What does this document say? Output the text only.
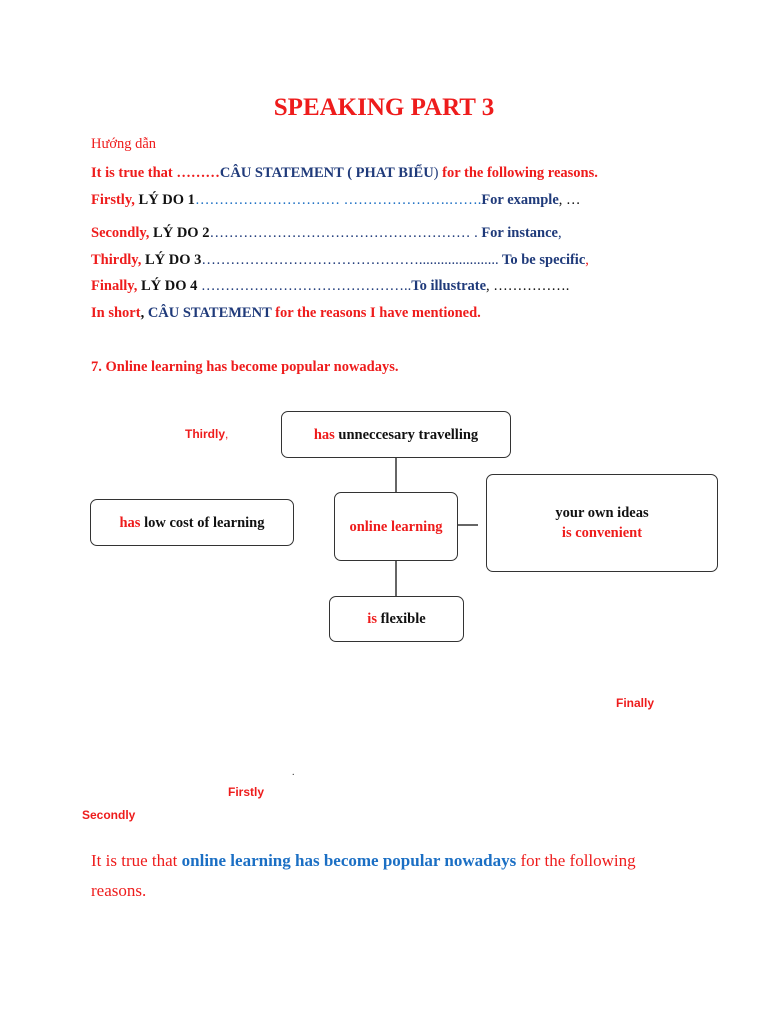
SPEAKING PART 3
Hướng dẫn
It is true that ………CÂU STATEMENT ( PHAT BIỂU) for the following reasons.
Firstly, LÝ DO 1………………………… ………………….…….For example, …
Secondly, LÝ DO 2……………………………………………… . For instance,
Thirdly, LÝ DO 3………………………………………...................... To be specific,
Finally, LÝ DO 4 ……………………………………..To illustrate, …………….
In short, CÂU STATEMENT for the reasons I have mentioned.
7. Online learning has become popular nowadays.
Thirdly,	has unneccesary travelling
has low cost of learning	online learning
your own ideas
is convenient
is flexible
Finally
.
Firstly
Secondly
It is true that online learning has become popular nowadays for the following reasons.
